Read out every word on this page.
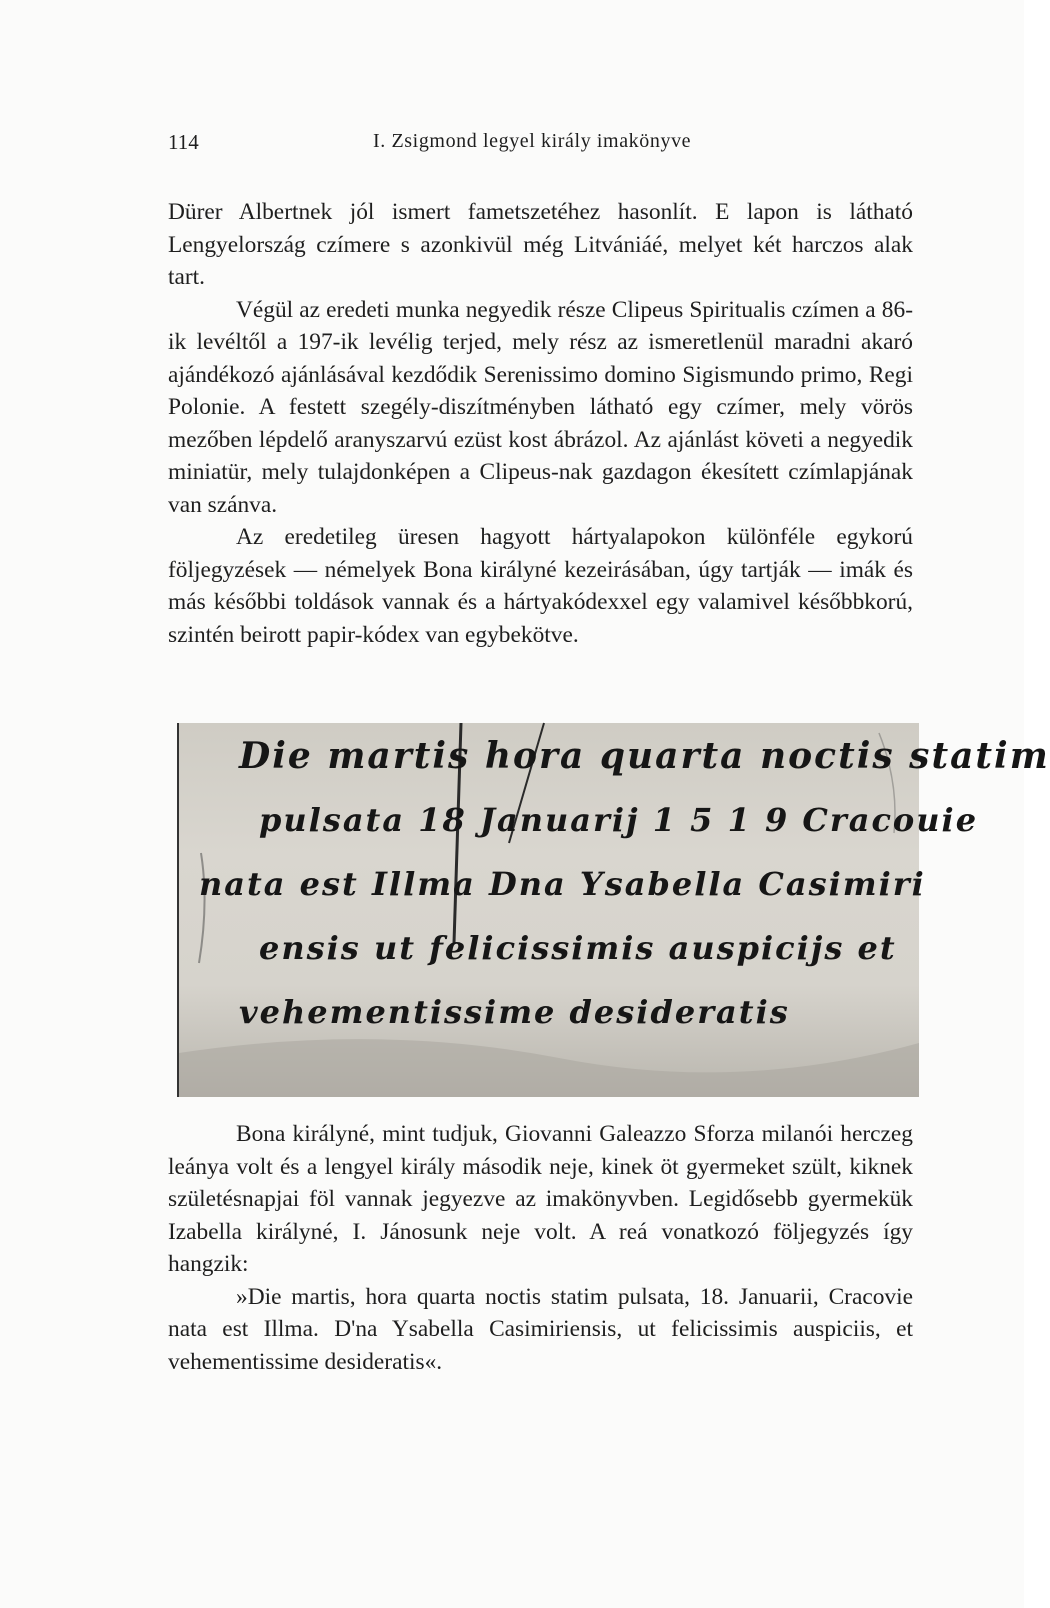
114	I. Zsigmond legyel király imakönyve

Dürer Albertnek jól ismert fametszetéhez hasonlít. E lapon is látható Lengyelország czímere s azonkivül még Litvániáé, melyet két harczos alak tart.

Végül az eredeti munka negyedik része Clipeus Spiritualis czímen a 86-ik levéltől a 197-ik levélig terjed, mely rész az ismeretlenül maradni akaró ajándékozó ajánlásával kezdődik Serenissimo domino Sigismundo primo, Regi Polonie. A festett szegély-diszítményben látható egy czímer, mely vörös mezőben lépdelő aranyszarvú ezüst kost ábrázol. Az ajánlást követi a negyedik miniatür, mely tulajdonképen a Clipeus-nak gazdagon ékesített czímlapjának van szánva.

Az eredetileg üresen hagyott hártyalapokon különféle egykorú följegyzések — némelyek Bona királyné kezeirásában, úgy tartják — imák és más későbbi toldások vannak és a hártyakódexxel egy valamivel későbbkorú, szintén beirott papir-kódex van egybekötve.

Die martis hora quarta noctis statim
pulsata 18 Januarij 1 5 1 9 Cracouie
nata est Illma Dna Ysabella Casimiri
ensis ut felicissimis auspicijs et
vehementissime desideratis

Bona királyné, mint tudjuk, Giovanni Galeazzo Sforza milanói herczeg leánya volt és a lengyel király második neje, kinek öt gyermeket szült, kiknek születésnapjai föl vannak jegyezve az imakönyvben. Legidősebb gyermekük Izabella királyné, I. Jánosunk neje volt. A reá vonatkozó följegyzés így hangzik:

»Die martis, hora quarta noctis statim pulsata, 18. Januarii, Cracovie nata est Illma. D'na Ysabella Casimiriensis, ut felicissimis auspiciis, et vehementissime desideratis«.
